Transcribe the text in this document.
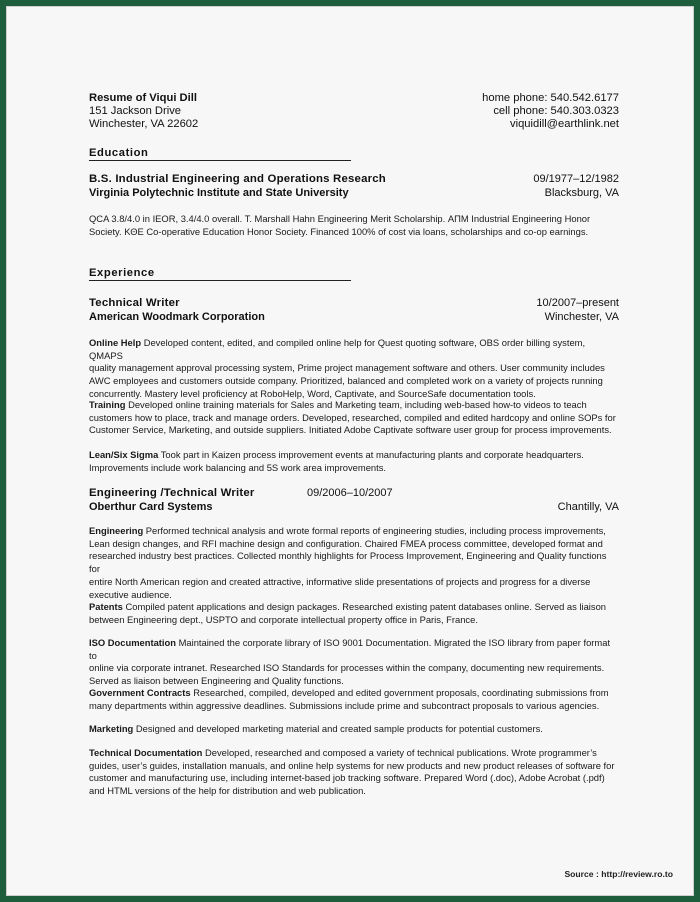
Resume of Viqui Dill
151 Jackson Drive
Winchester, VA 22602
home phone: 540.542.6177
cell phone: 540.303.0323
viquidill@earthlink.net
Education
B.S. Industrial Engineering and Operations Research	09/1977–12/1982
Virginia Polytechnic Institute and State University	Blacksburg, VA
QCA 3.8/4.0 in IEOR, 3.4/4.0 overall. T. Marshall Hahn Engineering Merit Scholarship. ΑΠΜ Industrial Engineering Honor
Society. ΚΘΕ Co-operative Education Honor Society. Financed 100% of cost via loans, scholarships and co-op earnings.
Experience
Technical Writer	10/2007–present
American Woodmark Corporation	Winchester, VA
Online Help Developed content, edited, and compiled online help for Quest quoting software, OBS order billing system, QMAPS
quality management approval processing system, Prime project management software and others. User community includes
AWC employees and customers outside company. Prioritized, balanced and completed work on a variety of projects running
concurrently. Mastery level proficiency at RoboHelp, Word, Captivate, and SourceSafe documentation tools.
Training Developed online training materials for Sales and Marketing team, including web-based how-to videos to teach
customers how to place, track and manage orders. Developed, researched, compiled and edited hardcopy and online SOPs for
Customer Service, Marketing, and outside suppliers. Initiated Adobe Captivate software user group for process improvements.
Lean/Six Sigma Took part in Kaizen process improvement events at manufacturing plants and corporate headquarters.
Improvements include work balancing and 5S work area improvements.
Engineering /Technical Writer	09/2006–10/2007
Oberthur Card Systems	Chantilly, VA
Engineering Performed technical analysis and wrote formal reports of engineering studies, including process improvements,
Lean design changes, and RFI machine design and configuration. Chaired FMEA process committee, developed format and
researched industry best practices. Collected monthly highlights for Process Improvement, Engineering and Quality functions for
entire North American region and created attractive, informative slide presentations of projects and progress for a diverse
executive audience.
Patents Compiled patent applications and design packages. Researched existing patent databases online. Served as liaison
between Engineering dept., USPTO and corporate intellectual property office in Paris, France.
ISO Documentation Maintained the corporate library of ISO 9001 Documentation. Migrated the ISO library from paper format to
online via corporate intranet. Researched ISO Standards for processes within the company, documenting new requirements.
Served as liaison between Engineering and Quality functions.
Government Contracts Researched, compiled, developed and edited government proposals, coordinating submissions from
many departments within aggressive deadlines. Submissions include prime and subcontract proposals to various agencies.
Marketing Designed and developed marketing material and created sample products for potential customers.
Technical Documentation Developed, researched and composed a variety of technical publications. Wrote programmer’s
guides, user’s guides, installation manuals, and online help systems for new products and new product releases of software for
customer and manufacturing use, including internet-based job tracking software. Prepared Word (.doc), Adobe Acrobat (.pdf)
and HTML versions of the help for distribution and web publication.
Source : http://review.ro.to
